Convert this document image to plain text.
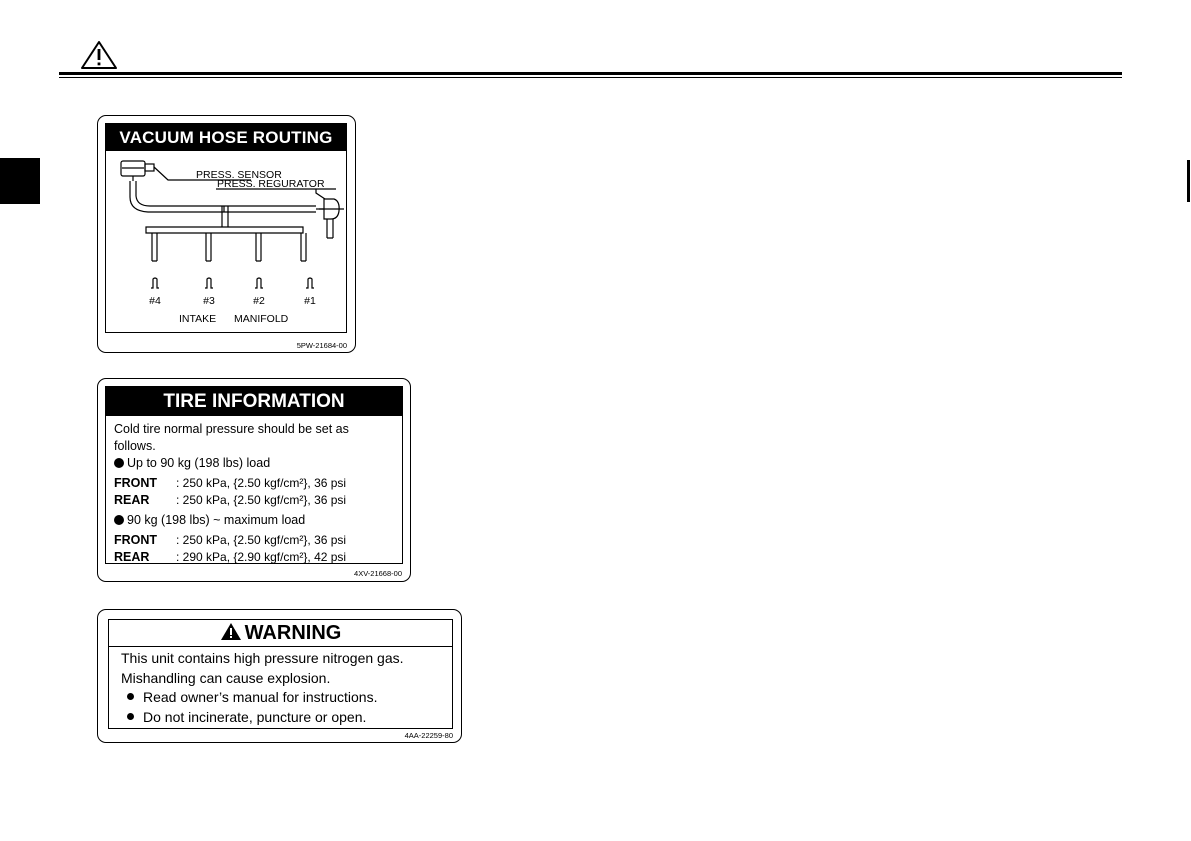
VACUUM HOSE ROUTING
PRESS. SENSOR
PRESS. REGURATOR
#4	#3	#2	#1
INTAKE MANIFOLD
5PW-21684-00
TIRE INFORMATION
Cold tire normal pressure should be set as
follows.
Up to 90 kg (198 lbs) load
FRONT : 250 kPa, {2.50 kgf/cm²}, 36 psi
REAR : 250 kPa, {2.50 kgf/cm²}, 36 psi
90 kg (198 lbs) ~ maximum load
FRONT : 250 kPa, {2.50 kgf/cm²}, 36 psi
REAR : 290 kPa, {2.90 kgf/cm²}, 42 psi
4XV-21668-00
WARNING
This unit contains high pressure nitrogen gas.
Mishandling can cause explosion.
Read owner’s manual for instructions.
Do not incinerate, puncture or open.
4AA-22259-80
